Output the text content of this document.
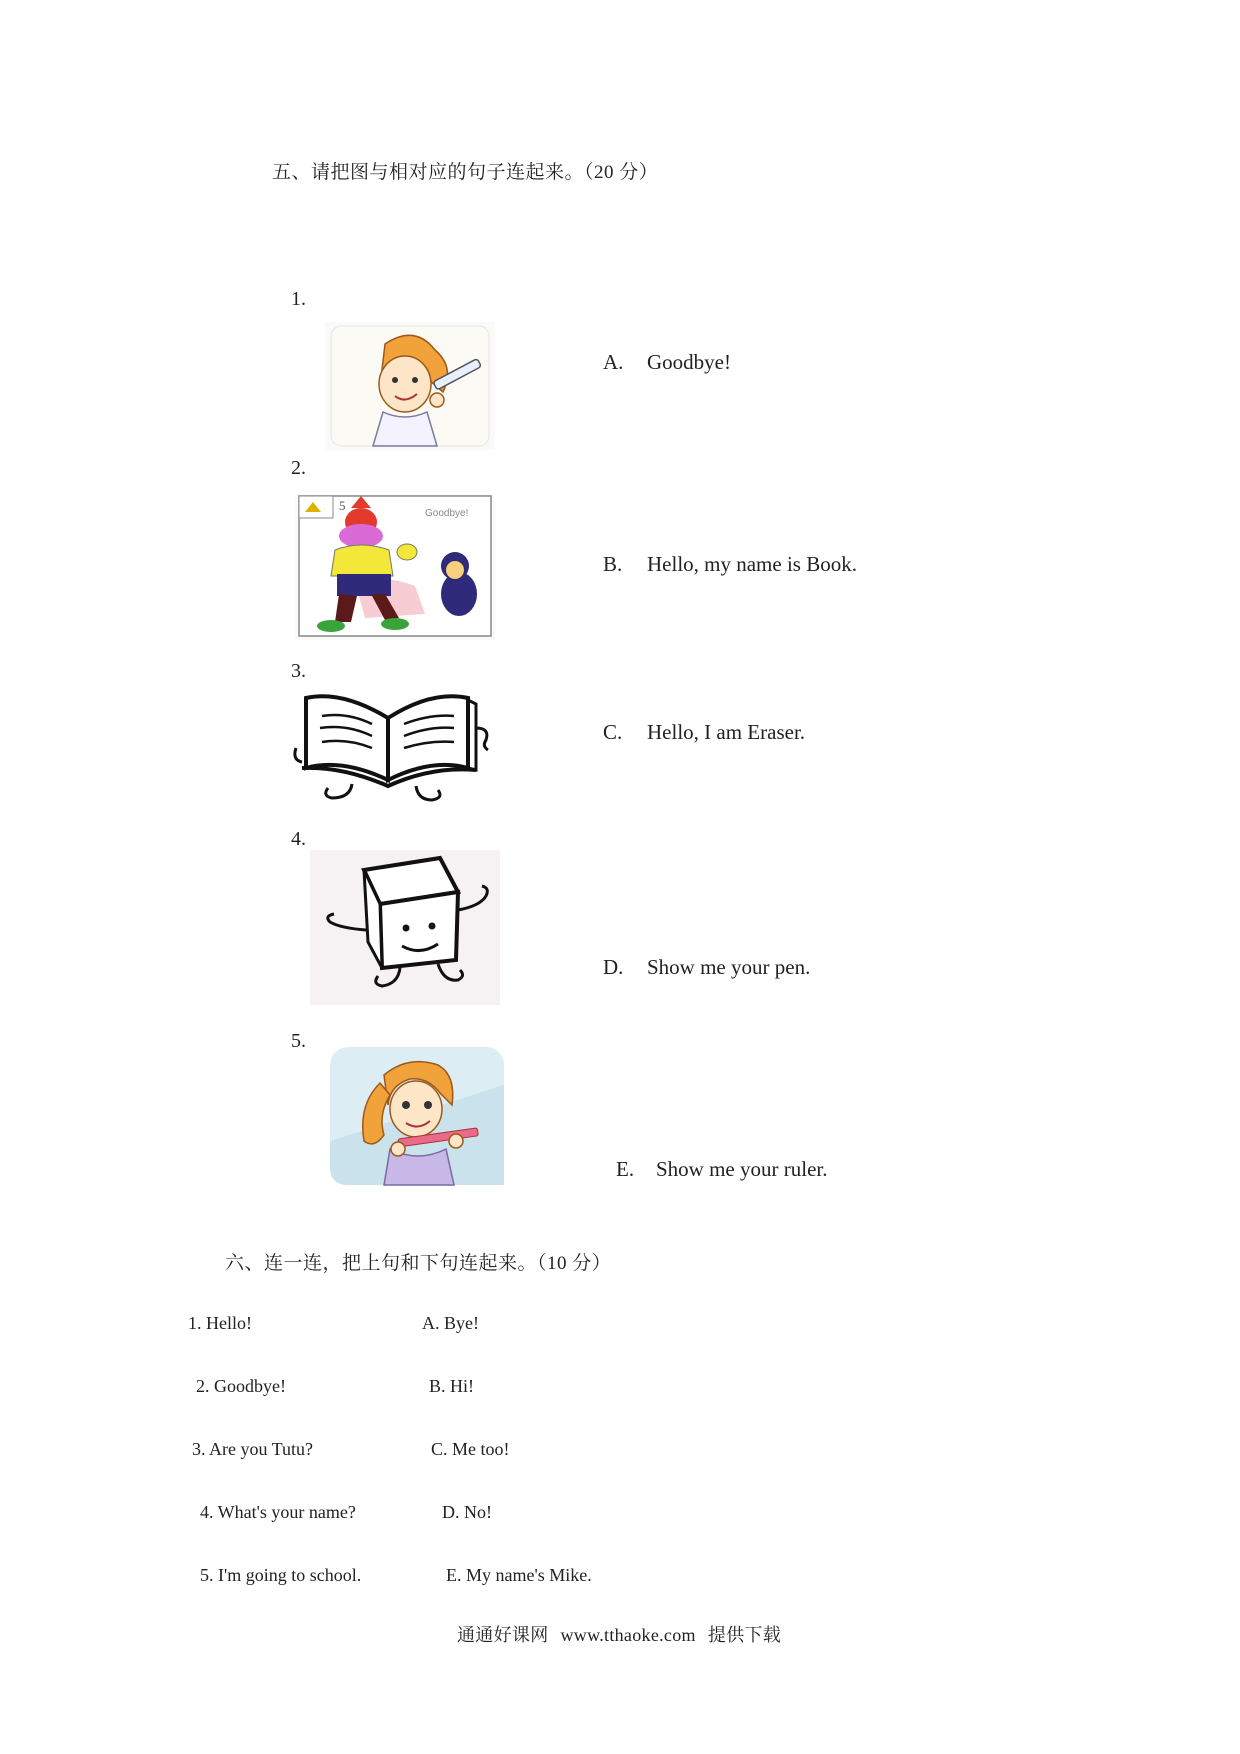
五、请把图与相对应的句子连起来。（20 分）
1.
2.
3.
4.
5.
5
Goodbye!
A. Goodbye!
B. Hello, my name is Book.
C. Hello, I am Eraser.
D. Show me your pen.
E. Show me your ruler.
六、连一连，把上句和下句连起来。（10 分）
1. Hello!
2. Goodbye!
3. Are you Tutu?
4. What's your name?
5. I'm going to school.
A. Bye!
B. Hi!
C. Me too!
D. No!
E. My name's Mike.
通通好课网 www.tthaoke.com 提供下载
